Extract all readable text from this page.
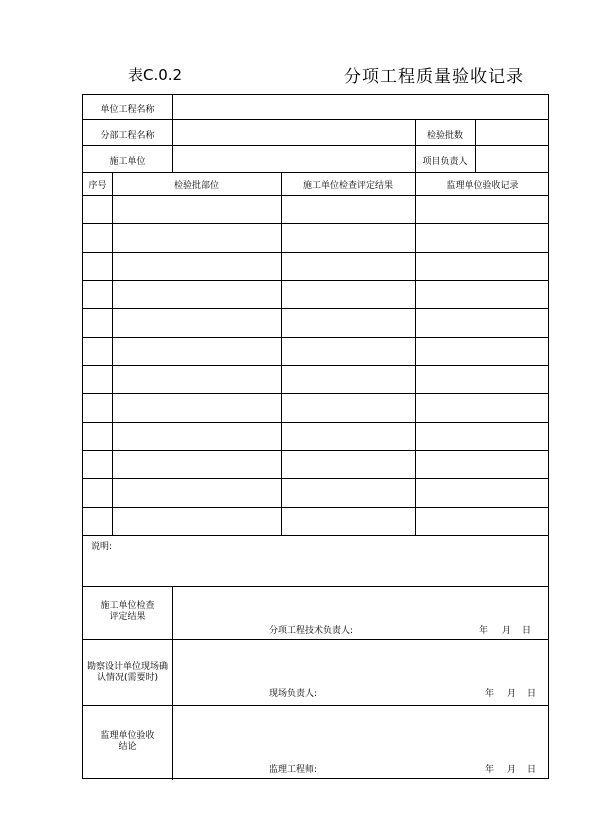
表C.0.2	分项工程质量验收记录
单位工程名称
分部工程名称	检验批数
施工单位	项目负责人
序号	检验批部位	施工单位检查评定结果	监理单位验收记录
说明:
施工单位检查
评定结果
分项工程技术负责人:	年 月 日
勘察设计单位现场确
认情况(需要时)
现场负责人:	年 月 日
监理单位验收
结论
监理工程师:	年 月 日
